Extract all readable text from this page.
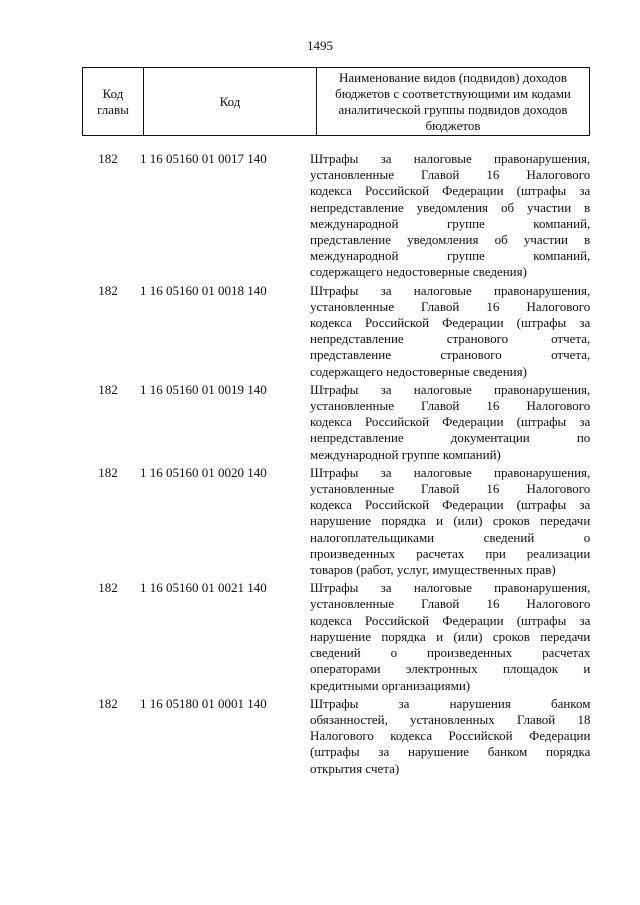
1495
Код главы	Код	Наименование видов (подвидов) доходов бюджетов с соответствующими им кодами аналитической группы подвидов доходов бюджетов
182	1 16 05160 01 0017 140	Штрафы за налоговые правонарушения,
установленные Главой 16 Налогового
кодекса Российской Федерации (штрафы за
непредставление уведомления об участии в
международной группе компаний,
представление уведомления об участии в
международной группе компаний,
содержащего недостоверные сведения)
182	1 16 05160 01 0018 140	Штрафы за налоговые правонарушения,
установленные Главой 16 Налогового
кодекса Российской Федерации (штрафы за
непредставление странового отчета,
представление странового отчета,
содержащего недостоверные сведения)
182	1 16 05160 01 0019 140	Штрафы за налоговые правонарушения,
установленные Главой 16 Налогового
кодекса Российской Федерации (штрафы за
непредставление документации по
международной группе компаний)
182	1 16 05160 01 0020 140	Штрафы за налоговые правонарушения,
установленные Главой 16 Налогового
кодекса Российской Федерации (штрафы за
нарушение порядка и (или) сроков передачи
налогоплательщиками сведений о
произведенных расчетах при реализации
товаров (работ, услуг, имущественных прав)
182	1 16 05160 01 0021 140	Штрафы за налоговые правонарушения,
установленные Главой 16 Налогового
кодекса Российской Федерации (штрафы за
нарушение порядка и (или) сроков передачи
сведений о произведенных расчетах
операторами электронных площадок и
кредитными организациями)
182	1 16 05180 01 0001 140	Штрафы за нарушения банком
обязанностей, установленных Главой 18
Налогового кодекса Российской Федерации
(штрафы за нарушение банком порядка
открытия счета)
